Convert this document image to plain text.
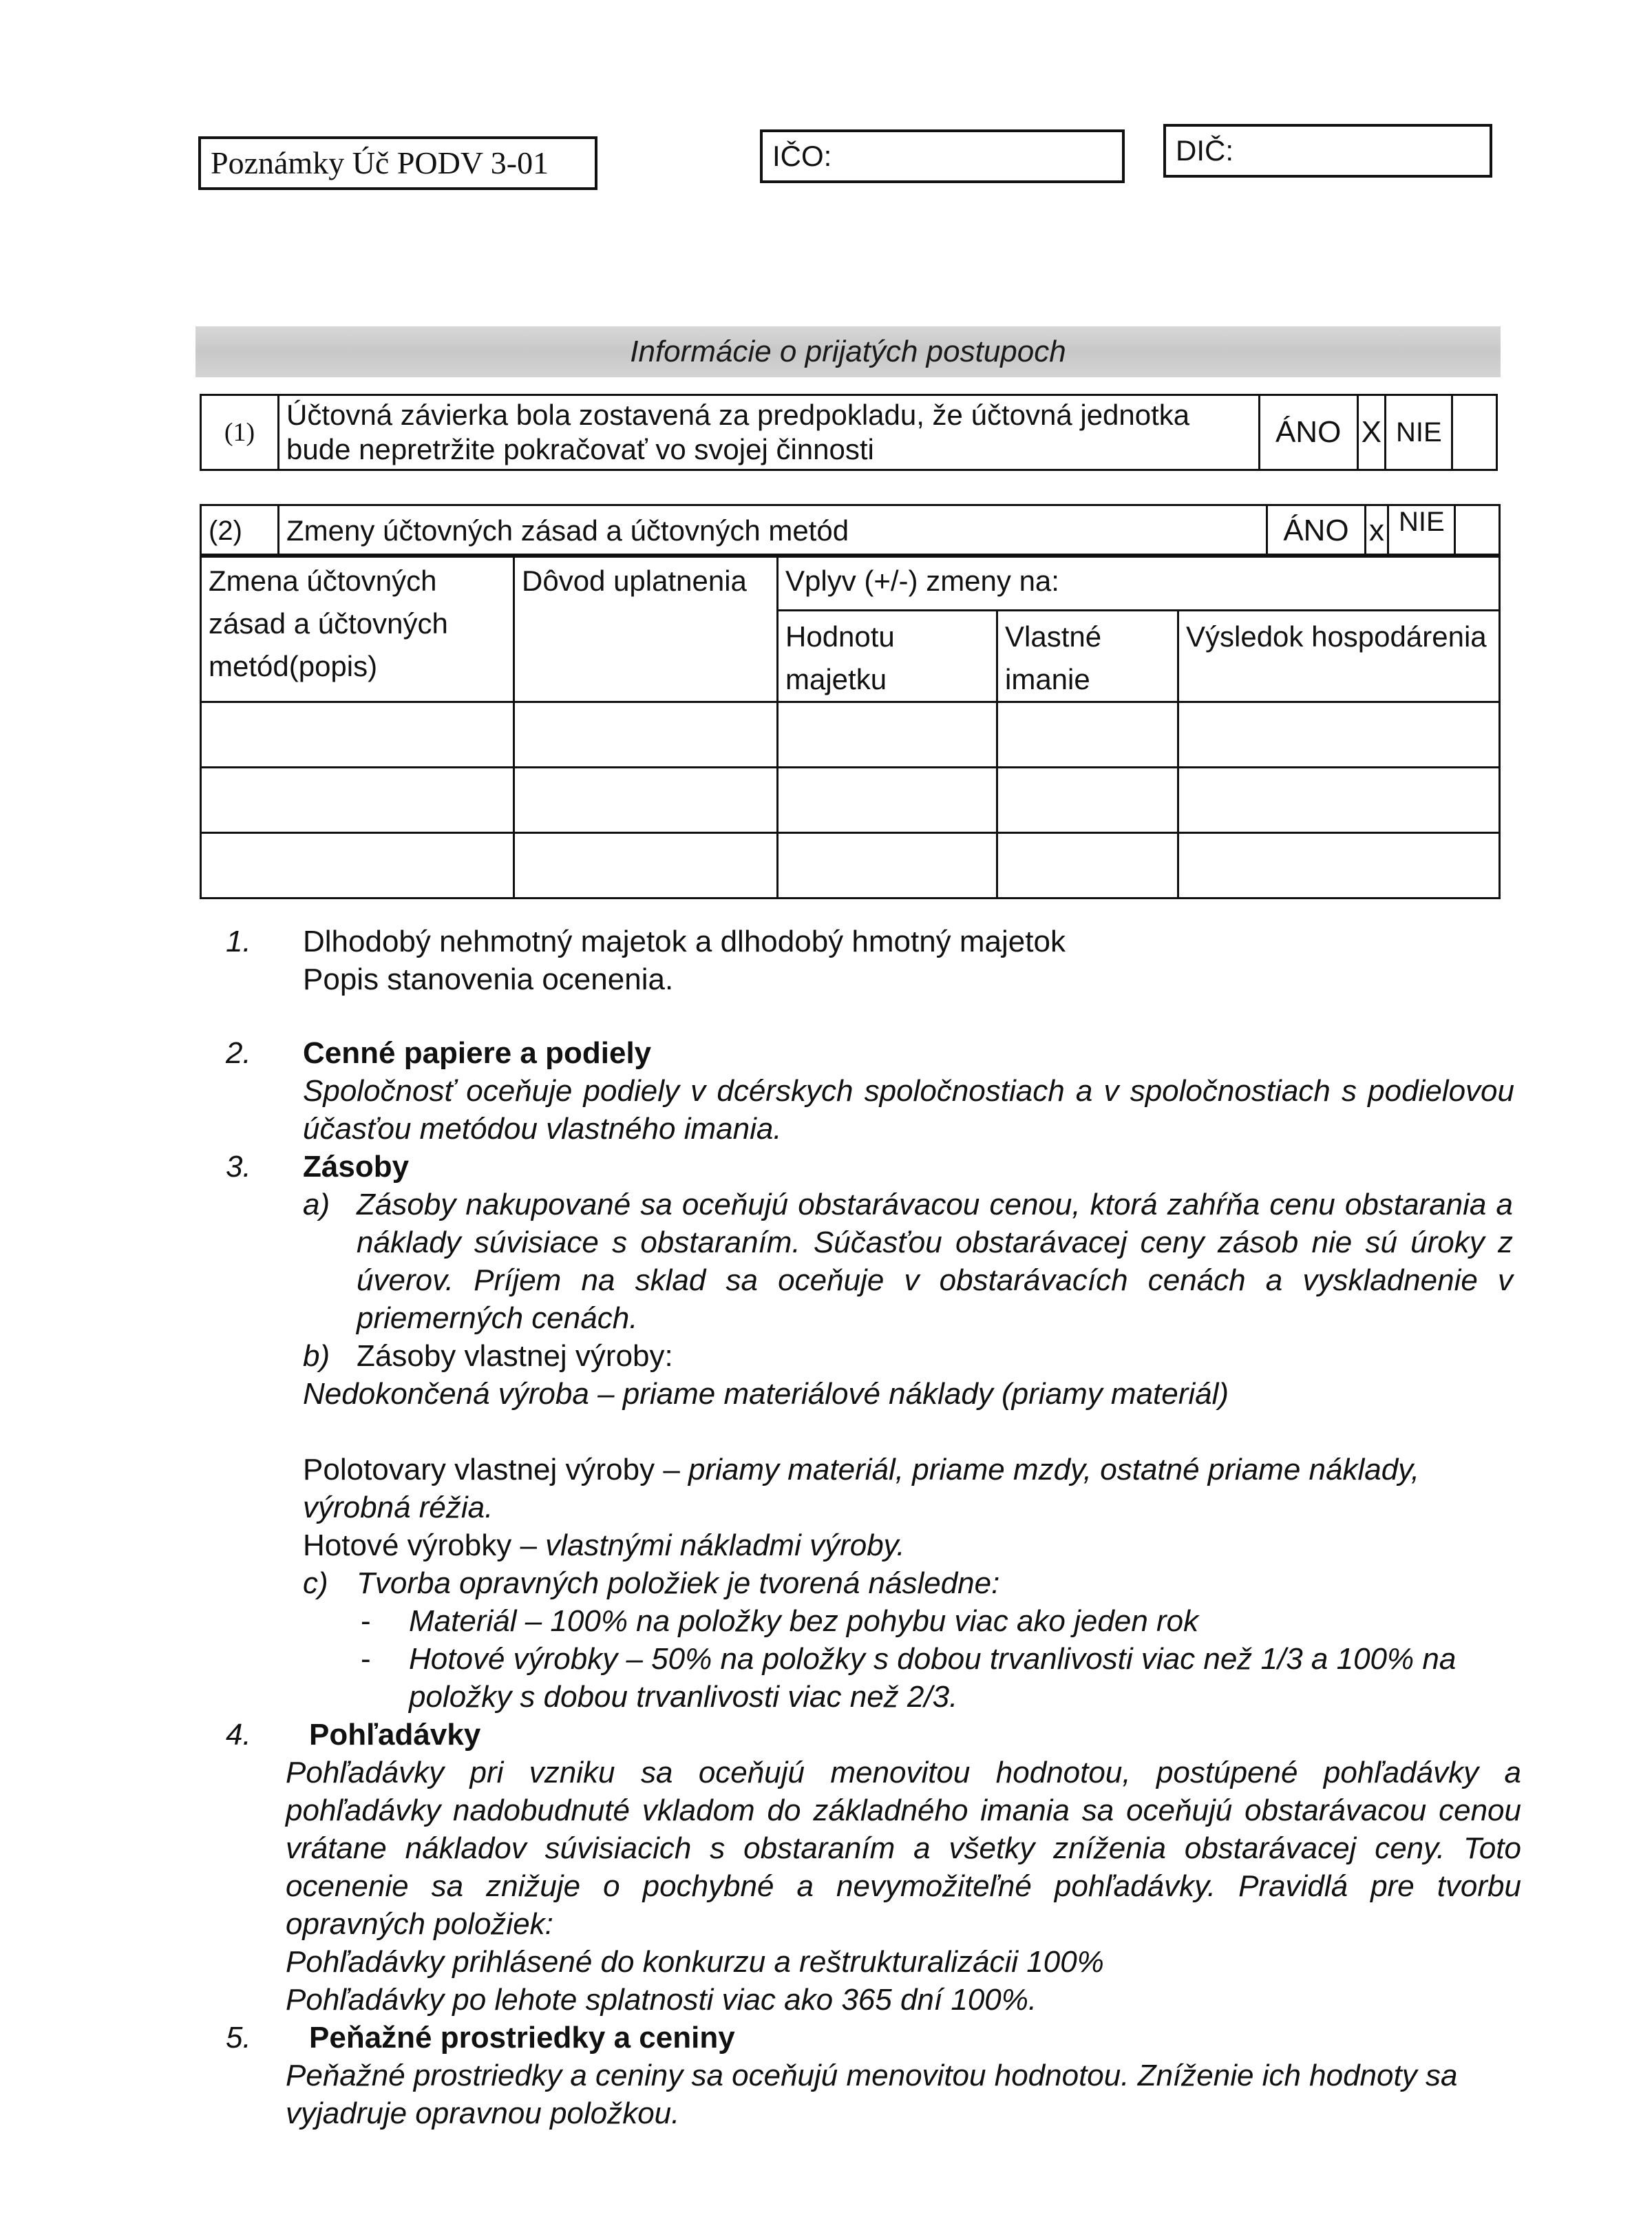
Poznámky Úč PODV 3-01	IČO:	DIČ:
Informácie o prijatých postupoch
(1)	Účtovná závierka bola zostavená za predpokladu, že účtovná jednotka bude nepretržite pokračovať vo svojej činnosti	ÁNO	X	NIE	
(2)	Zmeny účtovných zásad a účtovných metód	ÁNO	x	NIE	
Zmena účtovných zásad a účtovných metód(popis)	Dôvod uplatnenia	Vplyv (+/-) zmeny na:		
		Hodnotu majetku	Vlastné imanie	Výsledok hospodárenia

1. Dlhodobý nehmotný majetok a dlhodobý hmotný majetok
Popis stanovenia ocenenia.
2. Cenné papiere a podiely
Spoločnosť oceňuje podiely v dcérskych spoločnostiach a v spoločnostiach s podielovou účasťou metódou vlastného imania.
3. Zásoby
a) Zásoby nakupované sa oceňujú obstarávacou cenou, ktorá zahŕňa cenu obstarania a náklady súvisiace s obstaraním. Súčasťou obstarávacej ceny zásob nie sú úroky z úverov. Príjem na sklad sa oceňuje v obstarávacích cenách a vyskladnenie v priemerných cenách.
b) Zásoby vlastnej výroby:
Nedokončená výroba – priame materiálové náklady (priamy materiál)
Polotovary vlastnej výroby – priamy materiál, priame mzdy, ostatné priame náklady, výrobná réžia.
Hotové výrobky – vlastnými nákladmi výroby.
c) Tvorba opravných položiek je tvorená následne:
- Materiál – 100% na položky bez pohybu viac ako jeden rok
- Hotové výrobky – 50% na položky s dobou trvanlivosti viac než 1/3 a 100% na položky s dobou trvanlivosti viac než 2/3.
4. Pohľadávky
Pohľadávky pri vzniku sa oceňujú menovitou hodnotou, postúpené pohľadávky a pohľadávky nadobudnuté vkladom do základného imania sa oceňujú obstarávacou cenou vrátane nákladov súvisiacich s obstaraním a všetky zníženia obstarávacej ceny. Toto ocenenie sa znižuje o pochybné a nevymožiteľné pohľadávky. Pravidlá pre tvorbu opravných položiek:
Pohľadávky prihlásené do konkurzu a reštrukturalizácii 100%
Pohľadávky po lehote splatnosti viac ako 365 dní 100%.
5. Peňažné prostriedky a ceniny
Peňažné prostriedky a ceniny sa oceňujú menovitou hodnotou. Zníženie ich hodnoty sa vyjadruje opravnou položkou.
